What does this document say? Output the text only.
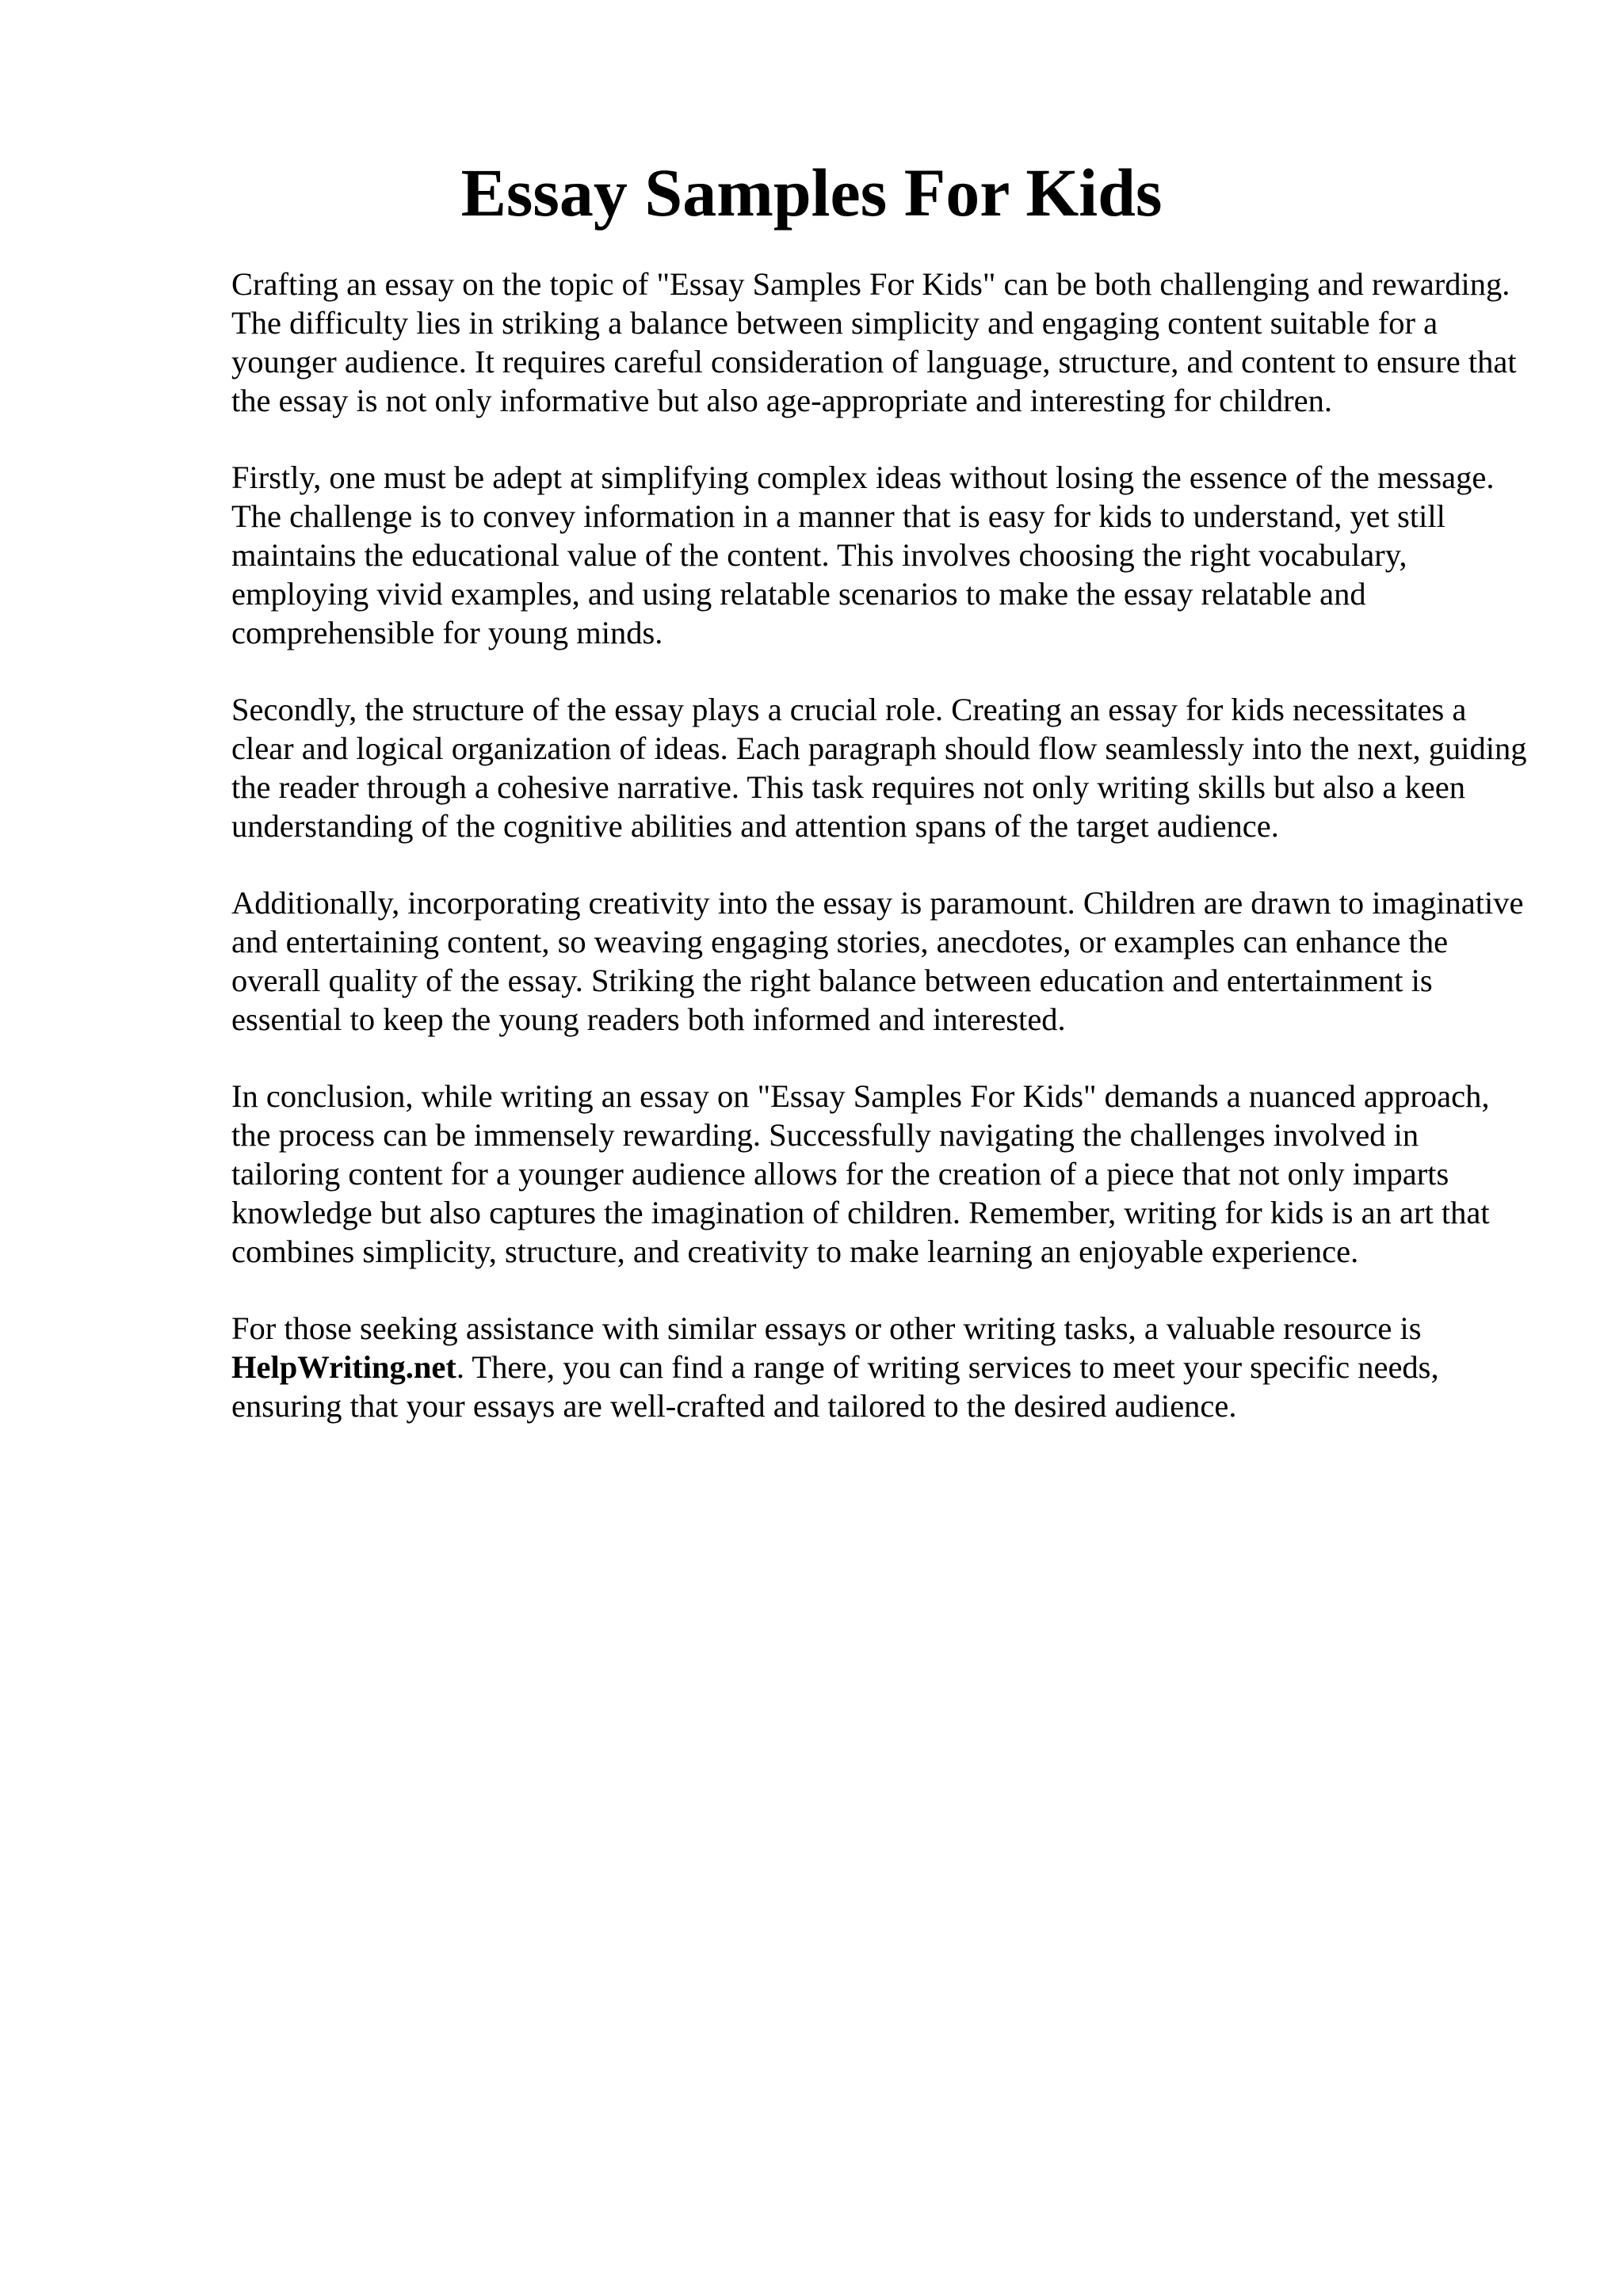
Essay Samples For Kids

Crafting an essay on the topic of "Essay Samples For Kids" can be both challenging and rewarding. The difficulty lies in striking a balance between simplicity and engaging content suitable for a younger audience. It requires careful consideration of language, structure, and content to ensure that the essay is not only informative but also age-appropriate and interesting for children.

Firstly, one must be adept at simplifying complex ideas without losing the essence of the message. The challenge is to convey information in a manner that is easy for kids to understand, yet still maintains the educational value of the content. This involves choosing the right vocabulary, employing vivid examples, and using relatable scenarios to make the essay relatable and comprehensible for young minds.

Secondly, the structure of the essay plays a crucial role. Creating an essay for kids necessitates a clear and logical organization of ideas. Each paragraph should flow seamlessly into the next, guiding the reader through a cohesive narrative. This task requires not only writing skills but also a keen understanding of the cognitive abilities and attention spans of the target audience.

Additionally, incorporating creativity into the essay is paramount. Children are drawn to imaginative and entertaining content, so weaving engaging stories, anecdotes, or examples can enhance the overall quality of the essay. Striking the right balance between education and entertainment is essential to keep the young readers both informed and interested.

In conclusion, while writing an essay on "Essay Samples For Kids" demands a nuanced approach, the process can be immensely rewarding. Successfully navigating the challenges involved in tailoring content for a younger audience allows for the creation of a piece that not only imparts knowledge but also captures the imagination of children. Remember, writing for kids is an art that combines simplicity, structure, and creativity to make learning an enjoyable experience.

For those seeking assistance with similar essays or other writing tasks, a valuable resource is HelpWriting.net. There, you can find a range of writing services to meet your specific needs, ensuring that your essays are well-crafted and tailored to the desired audience.
